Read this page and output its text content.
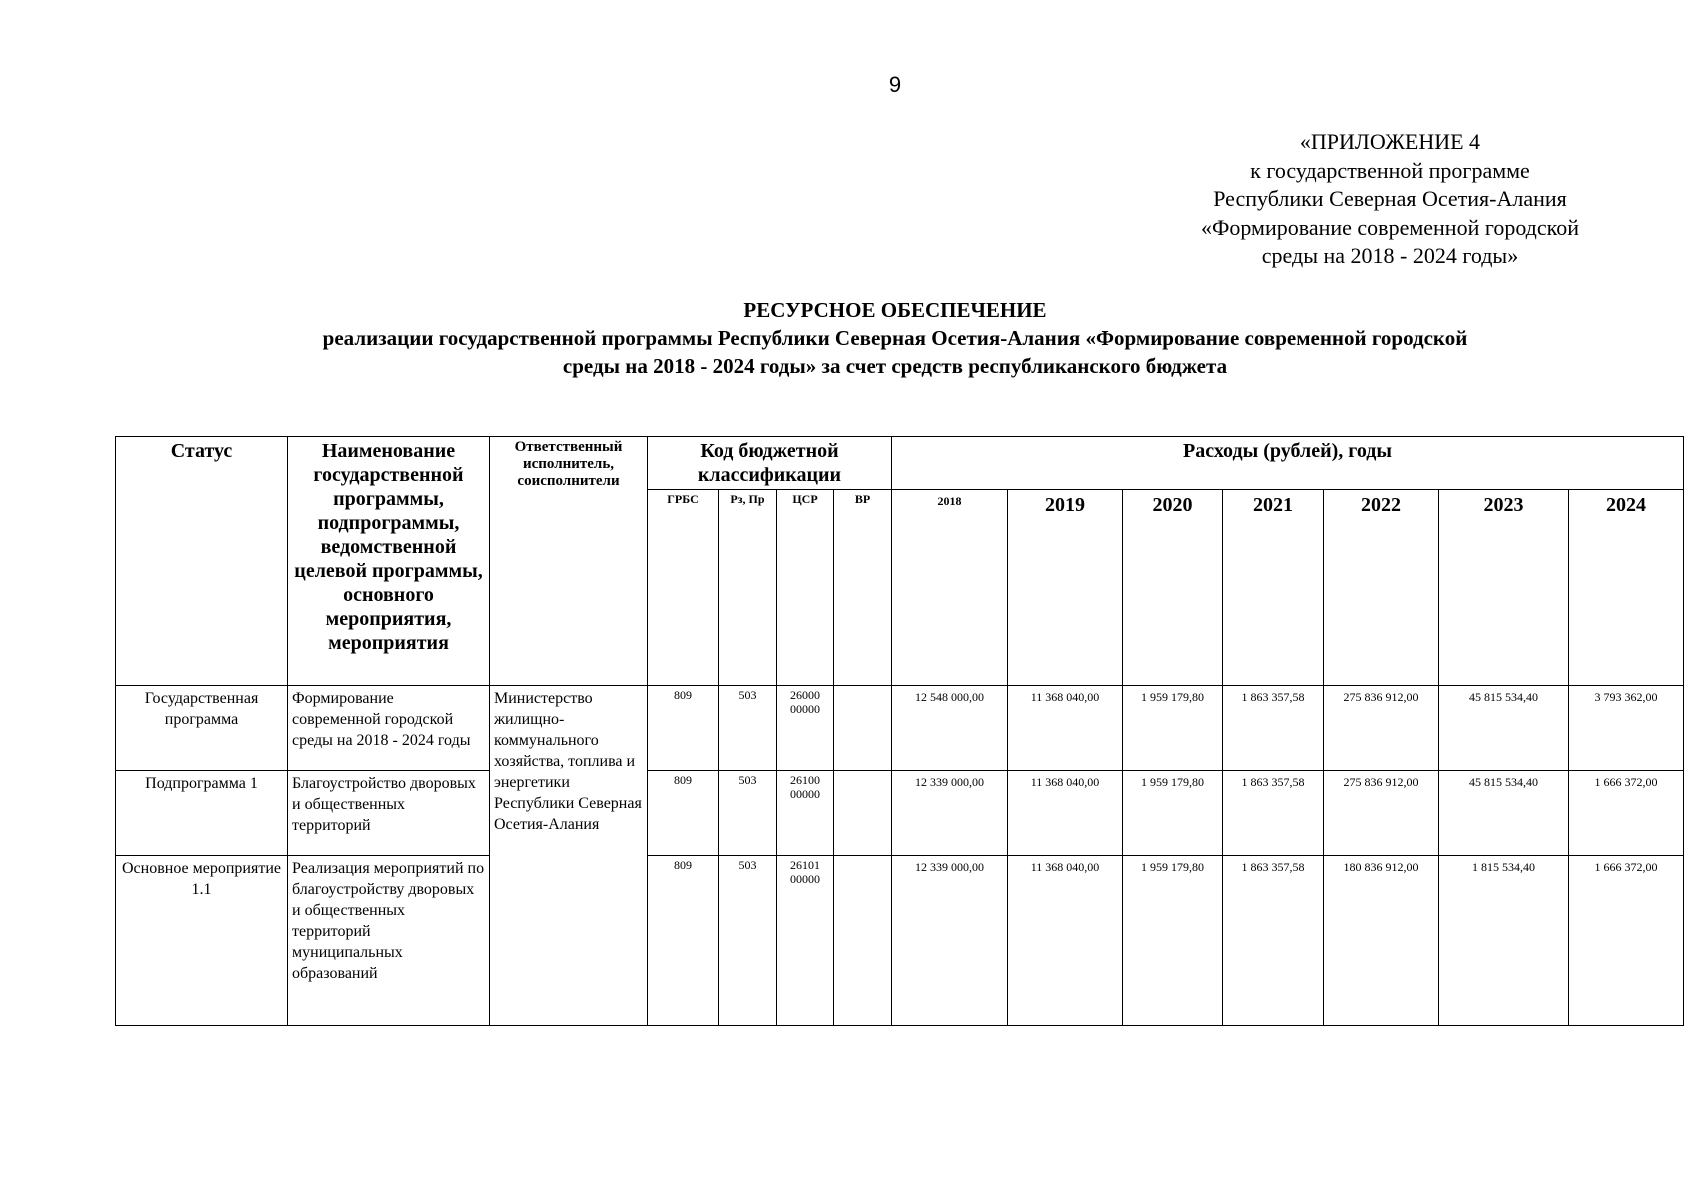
9
«ПРИЛОЖЕНИЕ 4
к государственной программе
Республики Северная Осетия-Алания
«Формирование современной городской
среды на 2018 - 2024 годы»
РЕСУРСНОЕ ОБЕСПЕЧЕНИЕ
реализации государственной программы Республики Северная Осетия-Алания «Формирование современной городской
среды на 2018 - 2024 годы» за счет средств республиканского бюджета
Статус	Наименование государственной программы, подпрограммы, ведомственной целевой программы, основного мероприятия, мероприятия	Ответственный исполнитель, соисполнители	Код бюджетной классификации				Расходы (рублей), годы						
			ГРБС	Рз, Пр	ЦСР	ВР	2018	2019	2020	2021	2022	2023	2024
Государственная программа	Формирование современной городской среды на 2018 - 2024 годы	Министерство жилищно-коммунального хозяйства, топлива и энергетики Республики Северная Осетия-Алания	809	503	26000 00000		12 548 000,00	11 368 040,00	1 959 179,80	1 863 357,58	275 836 912,00	45 815 534,40	3 793 362,00
Подпрограмма 1	Благоустройство дворовых и общественных территорий		809	503	26100 00000		12 339 000,00	11 368 040,00	1 959 179,80	1 863 357,58	275 836 912,00	45 815 534,40	1 666 372,00
Основное мероприятие 1.1	Реализация мероприятий по благоустройству дворовых и общественных территорий муниципальных образований		809	503	26101 00000		12 339 000,00	11 368 040,00	1 959 179,80	1 863 357,58	180 836 912,00	1 815 534,40	1 666 372,00
